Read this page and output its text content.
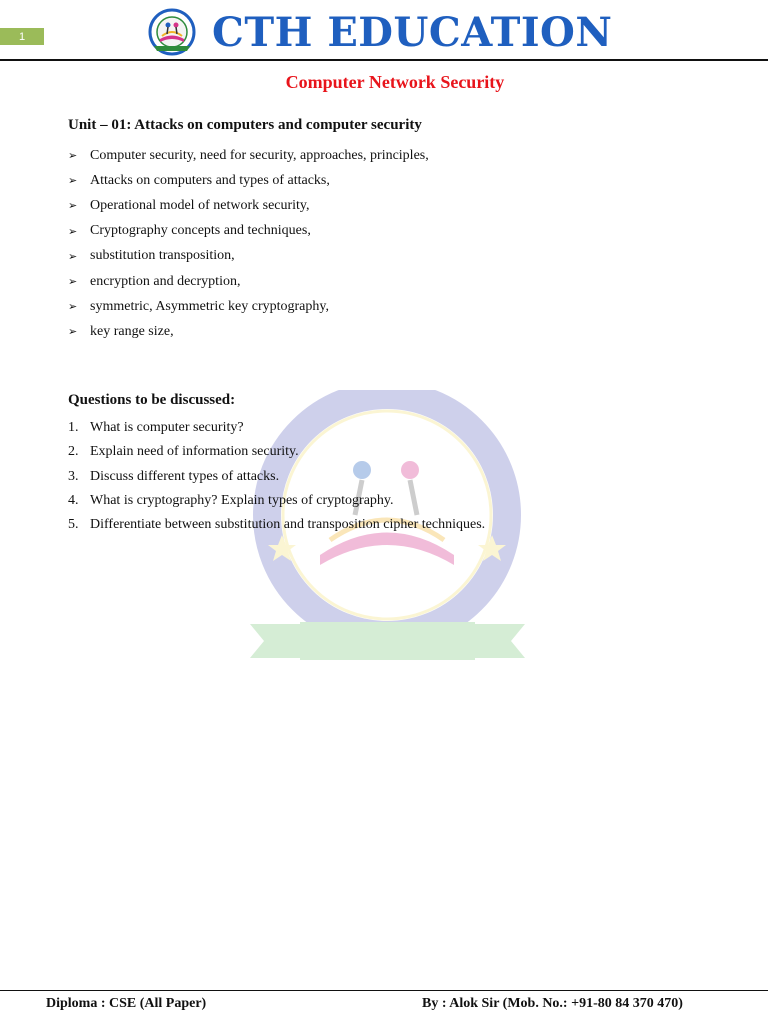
1	CTH EDUCATION
Computer Network Security
Unit – 01: Attacks on computers and computer security
➢ Computer security, need for security, approaches, principles,
➢ Attacks on computers and types of attacks,
➢ Operational model of network security,
➢ Cryptography concepts and techniques,
➢ substitution transposition,
➢ encryption and decryption,
➢ symmetric, Asymmetric key cryptography,
➢ key range size,
Questions to be discussed:
1. What is computer security?
2. Explain need of information security.
3. Discuss different types of attacks.
4. What is cryptography? Explain types of cryptography.
5. Differentiate between substitution and transposition cipher techniques.
Diploma : CSE (All Paper)	By : Alok Sir (Mob. No.: +91-80 84 370 470)
